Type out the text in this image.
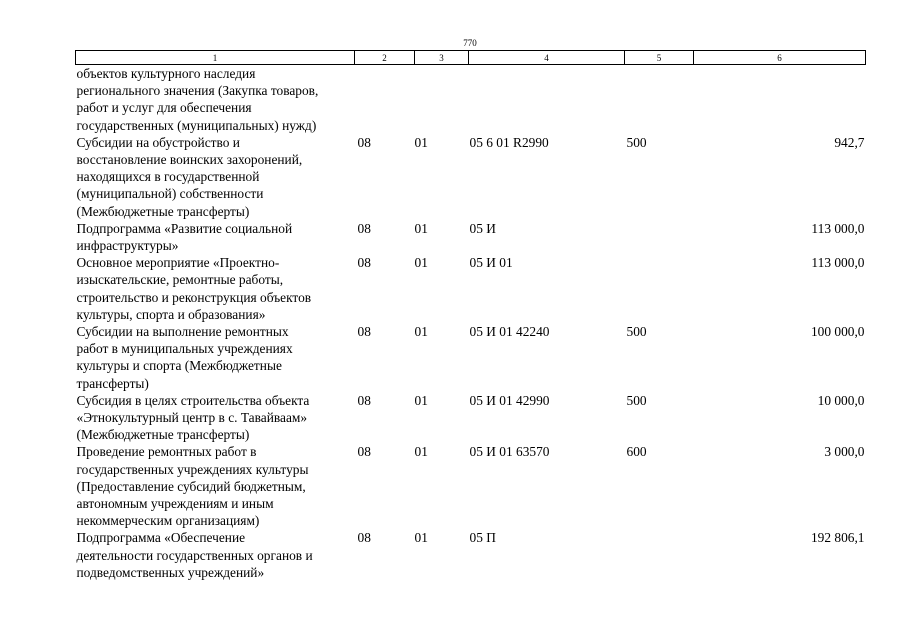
770
1	2	3	4	5	6

объектов культурного наследия
регионального значения (Закупка товаров,
работ и услуг для обеспечения
государственных (муниципальных) нужд)					

Субсидии на обустройство и
восстановление воинских захоронений,
находящихся в государственной
(муниципальной) собственности
(Межбюджетные трансферты)	08	01	05 6 01 R2990	500	942,7

Подпрограмма «Развитие социальной
инфраструктуры»	08	01	05 И		113 000,0

Основное мероприятие «Проектно-
изыскательские, ремонтные работы,
строительство и реконструкция объектов
культуры, спорта и образования»	08	01	05 И 01		113 000,0

Субсидии на выполнение ремонтных
работ в муниципальных учреждениях
культуры и спорта (Межбюджетные
трансферты)	08	01	05 И 01 42240	500	100 000,0

Субсидия в целях строительства объекта
«Этнокультурный центр в с. Тавайваам»
(Межбюджетные трансферты)	08	01	05 И 01 42990	500	10 000,0

Проведение ремонтных работ в
государственных учреждениях культуры
(Предоставление субсидий бюджетным,
автономным учреждениям и иным
некоммерческим организациям)	08	01	05 И 01 63570	600	3 000,0

Подпрограмма «Обеспечение
деятельности государственных органов и
подведомственных учреждений»	08	01	05 П		192 806,1
